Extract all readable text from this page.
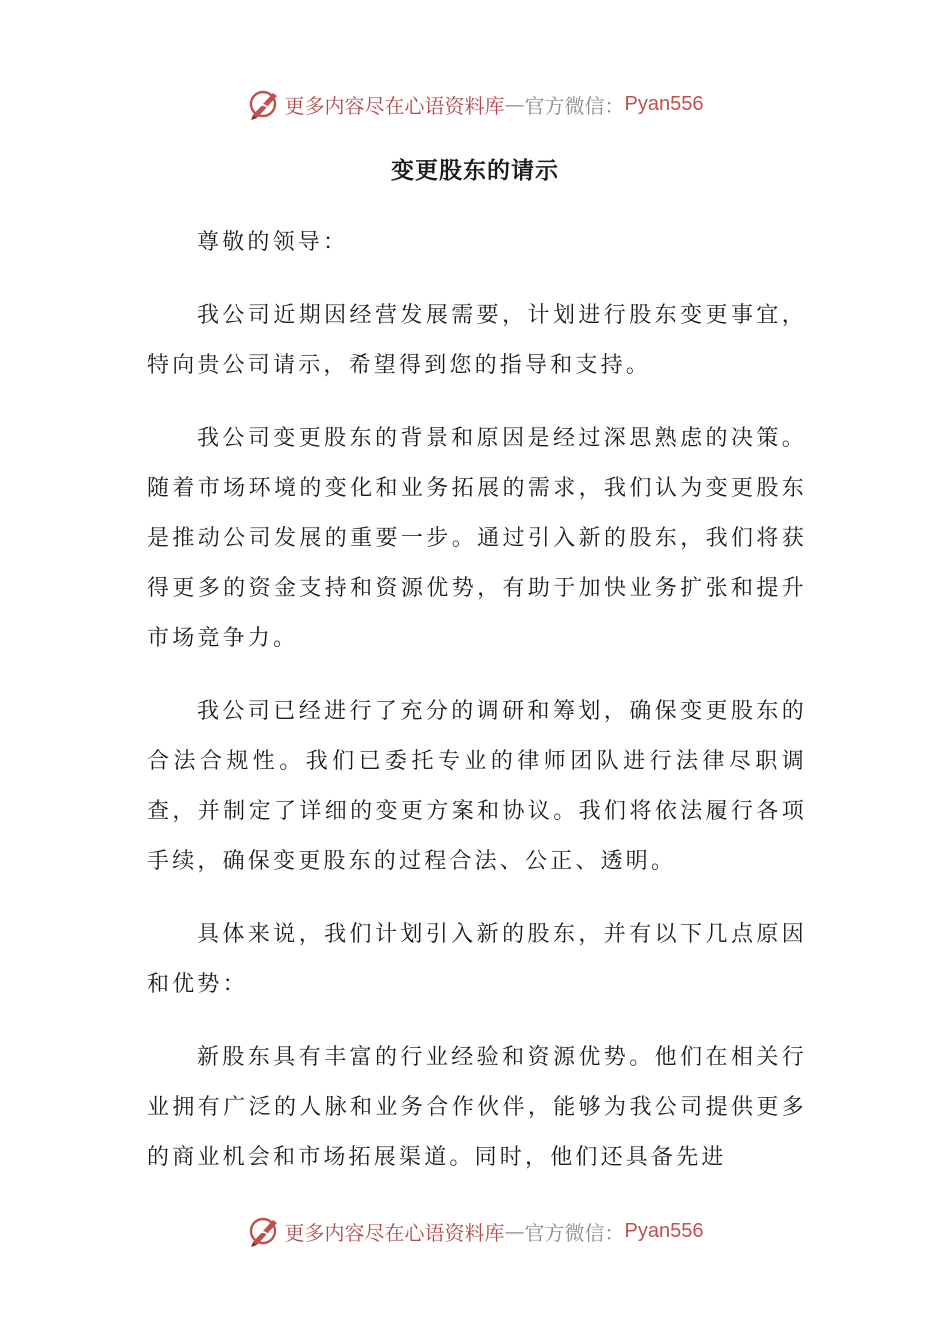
更多内容尽在心语资料库 — 官方微信： Pyan556
变更股东的请示

尊敬的领导：

我公司近期因经营发展需要，计划进行股东变更事宜，特向贵公司请示，希望得到您的指导和支持。

我公司变更股东的背景和原因是经过深思熟虑的决策。随着市场环境的变化和业务拓展的需求，我们认为变更股东是推动公司发展的重要一步。通过引入新的股东，我们将获得更多的资金支持和资源优势，有助于加快业务扩张和提升市场竞争力。

我公司已经进行了充分的调研和筹划，确保变更股东的合法合规性。我们已委托专业的律师团队进行法律尽职调查，并制定了详细的变更方案和协议。我们将依法履行各项手续，确保变更股东的过程合法、公正、透明。

具体来说，我们计划引入新的股东，并有以下几点原因和优势：

新股东具有丰富的行业经验和资源优势。他们在相关行业拥有广泛的人脉和业务合作伙伴，能够为我公司提供更多的商业机会和市场拓展渠道。同时，他们还具备先进

更多内容尽在心语资料库 — 官方微信： Pyan556
